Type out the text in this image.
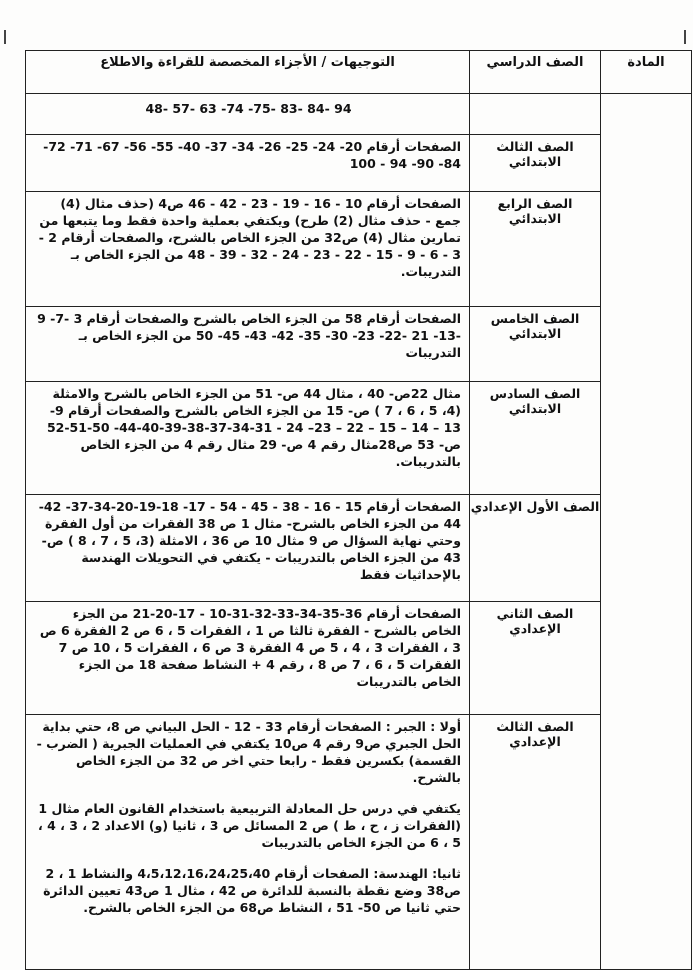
المادة	الصف الدراسي	التوجيهات / الأجزاء المخصصة للقراءة والاطلاع
		94 -84 -83 -75- 74- 63 -57 -48
	الصف الثالث الابتدائي	الصفحات أرقام 20- 24- 25- 26- 34- 37- 40- 55- 56- 67- 71- 72- 84- 90- 94 - 100

	الصف الرابع الابتدائي	الصفحات أرقام 10 - 16 - 19 - 23 - 42 - 46 ص4 (حذف مثال (4) جمع - حذف مثال (2) طرح) ويكتفي بعملية واحدة فقط وما يتبعها من تمارين مثال (4) ص32 من الجزء الخاص بالشرح، والصفحات أرقام 2 - 3 - 6 - 9 - 15 - 22 - 23 - 24 - 32 - 39 - 48 من الجزء الخاص بـ التدريبات.

	الصف الخامس الابتدائي	الصفحات أرقام 58 من الجزء الخاص بالشرح والصفحات أرقام 3 -7- 9 -13- 21 -22- 23- 30- 35- 42- 43- 45- 50 من الجزء الخاص بـ التدريبات

	الصف السادس الابتدائي	مثال 22ص- 40 ، مثال 44 ص- 51 من الجزء الخاص بالشرح والامثلة (4، 5 ، 6 ، 7 ) ص- 15 من الجزء الخاص بالشرح والصفحات أرقام 9- 13 – 14 – 15 – 22 – 23– 24 - 31-34-37-38-39-40-44- 50-51-52 ص- 53 ص28مثال رقم 4 ص- 29 مثال رقم 4 من الجزء الخاص بالتدريبات.

	الصف الأول الإعدادي	الصفحات أرقام 15 - 16 - 38 - 45 - 54 - 17- 18-19-20-34-37- 42-44 من الجزء الخاص بالشرح- مثال 1 ص 38 الفقرات من أول الفقرة وحتي نهاية السؤال ص 9 مثال 10 ص 36 ، الامثلة (3، 5 ، 7 ، 8 ) ص- 43 من الجزء الخاص بالتدريبات - يكتفي في التحويلات الهندسة بالإحداثيات فقط

	الصف الثاني الإعدادي	الصفحات أرقام 36-35-34-33-32-31-10 - 17-20-21 من الجزء الخاص بالشرح - الفقرة ثالثا ص 1 ، الفقرات 5 ، 6 ص 2 الفقرة 6 ص 3 ، الفقرات 3 ، 4 ، 5 ص 4 الفقرة 3 ص 6 ، الفقرات 5 ، 10 ص 7 الفقرات 5 ، 6 ، 7 ص 8 ، رقم 4 + النشاط صفحة 18 من الجزء الخاص بالتدريبات

	الصف الثالث الإعدادي	أولا : الجبر : الصفحات أرقام 33 - 12 - الحل البياني ص 8، حتي بداية الحل الجبري ص9 رقم 4 ص10 يكتفي في العمليات الجبرية ( الضرب - القسمة) بكسرين فقط - رابعا حتي اخر ص 32 من الجزء الخاص بالشرح.

يكتفي في درس حل المعادلة التربيعية باستخدام القانون العام مثال 1 (الفقرات ز ، ح ، ط ) ص 2 المسائل ص 3 ، ثانيا (و) الاعداد 2 ، 3 ، 4 ، 5 ، 6 من الجزء الخاص بالتدريبات

ثانيا: الهندسة: الصفحات أرقام 4،5،12،16،24،25،40 والنشاط 1 ، 2 ص38 وضع نقطة بالنسبة للدائرة ص 42 ، مثال 1 ص43 تعيين الدائرة حتي ثانيا ص 50- 51 ، النشاط ص68 من الجزء الخاص بالشرح.
